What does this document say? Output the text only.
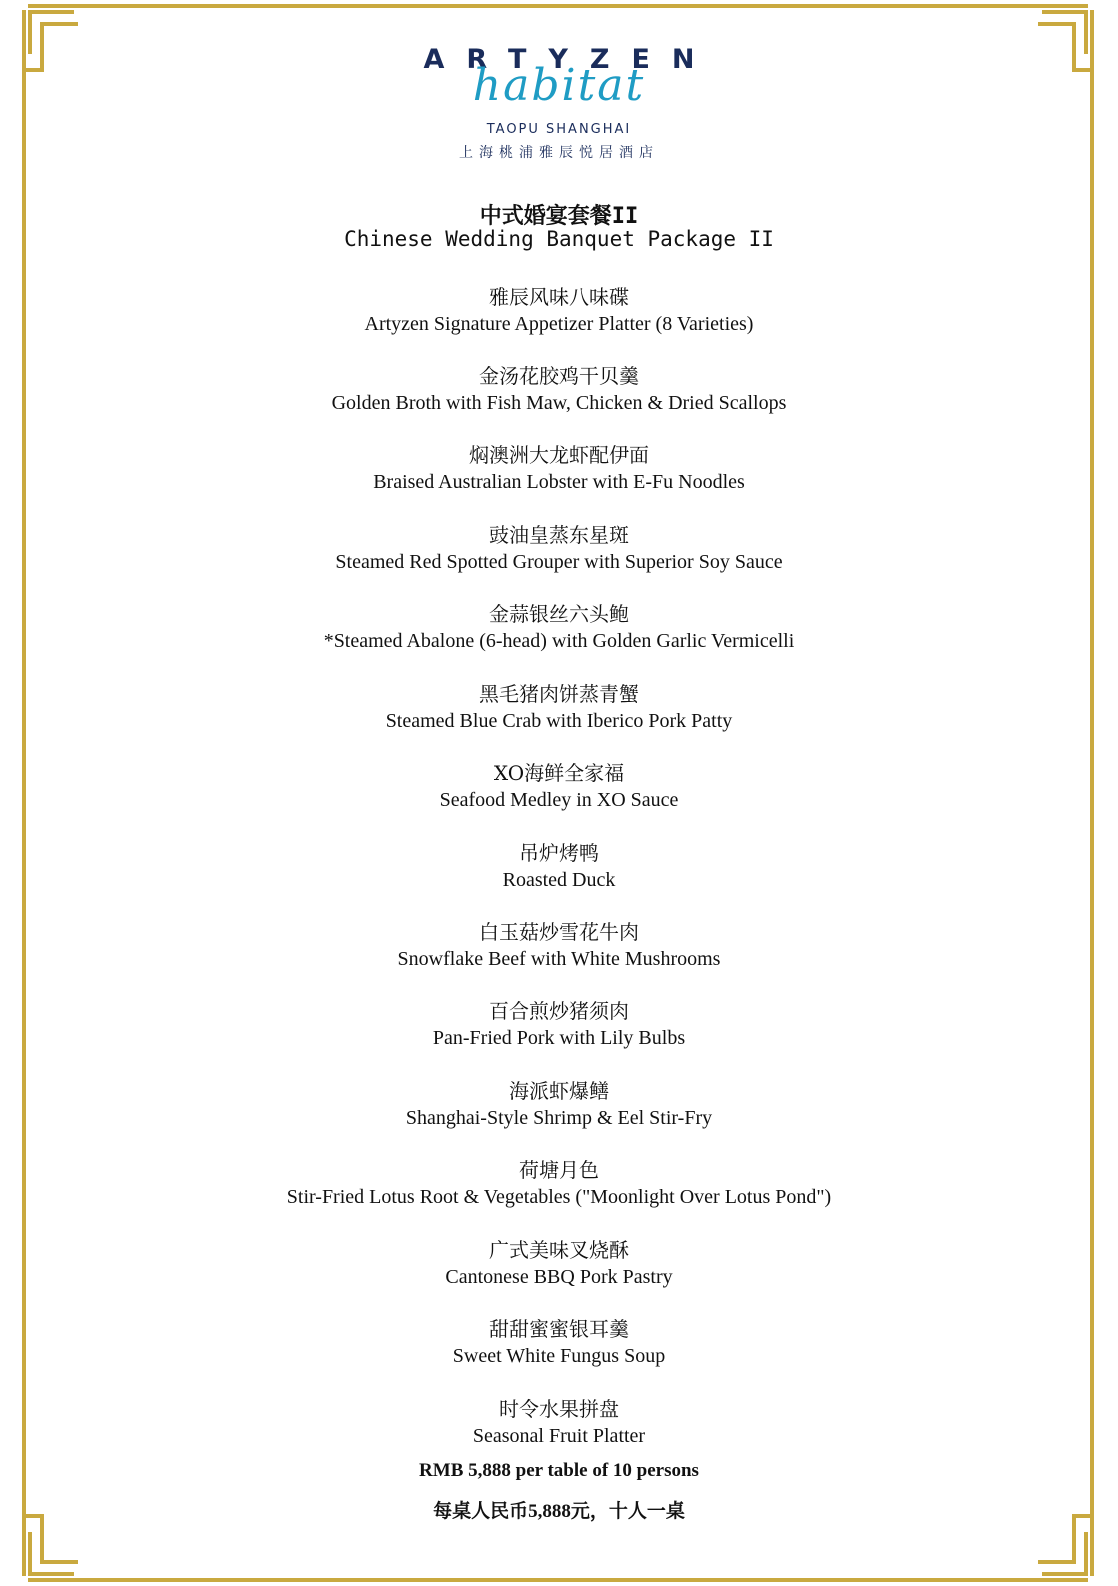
ARTYZEN
habitat
TAOPU SHANGHAI
上海桃浦雅辰悦居酒店
中式婚宴套餐II
Chinese Wedding Banquet Package II
雅辰风味八味碟
Artyzen Signature Appetizer Platter (8 Varieties)
金汤花胶鸡干贝羹
Golden Broth with Fish Maw, Chicken & Dried Scallops
焖澳洲大龙虾配伊面
Braised Australian Lobster with E-Fu Noodles
豉油皇蒸东星斑
Steamed Red Spotted Grouper with Superior Soy Sauce
金蒜银丝六头鲍
*Steamed Abalone (6-head) with Golden Garlic Vermicelli
黑毛猪肉饼蒸青蟹
Steamed Blue Crab with Iberico Pork Patty
XO海鲜全家福
Seafood Medley in XO Sauce
吊炉烤鸭
Roasted Duck
白玉菇炒雪花牛肉
Snowflake Beef with White Mushrooms
百合煎炒猪须肉
Pan-Fried Pork with Lily Bulbs
海派虾爆鳝
Shanghai-Style Shrimp & Eel Stir-Fry
荷塘月色
Stir-Fried Lotus Root & Vegetables ("Moonlight Over Lotus Pond")
广式美味叉烧酥
Cantonese BBQ Pork Pastry
甜甜蜜蜜银耳羹
Sweet White Fungus Soup
时令水果拼盘
Seasonal Fruit Platter
RMB 5,888 per table of 10 persons
每桌人民币5,888元，十人一桌
